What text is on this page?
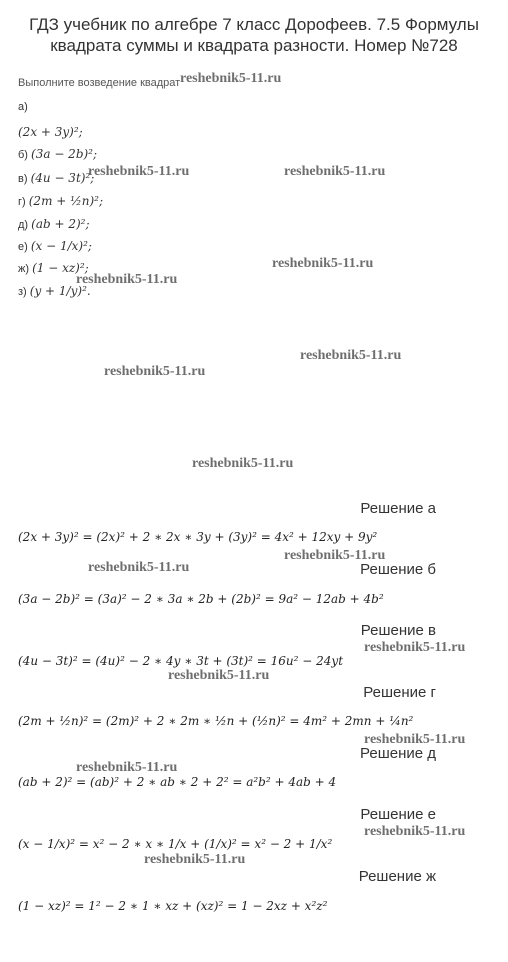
ГДЗ учебник по алгебре 7 класс Дорофеев. 7.5 Формулы квадрата суммы и квадрата разности. Номер №728
Выполните возведение квадрат
а)
(2x + 3y)²;
б) (3a − 2b)²;
в) (4u − 3t)²;
г) (2m + ½n)²;
д) (ab + 2)²;
е) (x − 1/x)²;
ж) (1 − xz)²;
з) (y + 1/y)².
Решение а
(2x + 3y)² = (2x)² + 2 ∗ 2x ∗ 3y + (3y)² = 4x² + 12xy + 9y²
Решение б
(3a − 2b)² = (3a)² − 2 ∗ 3a ∗ 2b + (2b)² = 9a² − 12ab + 4b²
Решение в
(4u − 3t)² = (4u)² − 2 ∗ 4y ∗ 3t + (3t)² = 16u² − 24yt
Решение г
(2m + ½n)² = (2m)² + 2 ∗ 2m ∗ ½n + (½n)² = 4m² + 2mn + ¼n²
Решение д
(ab + 2)² = (ab)² + 2 ∗ ab ∗ 2 + 2² = a²b² + 4ab + 4
Решение е
(x − 1/x)² = x² − 2 ∗ x ∗ 1/x + (1/x)² = x² − 2 + 1/x²
Решение ж
(1 − xz)² = 1² − 2 ∗ 1 ∗ xz + (xz)² = 1 − 2xz + x²z²
reshebnik5-11.ru
reshebnik5-11.ru	reshebnik5-11.ru
reshebnik5-11.ru
reshebnik5-11.ru
reshebnik5-11.ru
reshebnik5-11.ru
reshebnik5-11.ru
reshebnik5-11.ru
reshebnik5-11.ru
reshebnik5-11.ru
reshebnik5-11.ru
reshebnik5-11.ru
reshebnik5-11.ru
reshebnik5-11.ru
reshebnik5-11.ru
